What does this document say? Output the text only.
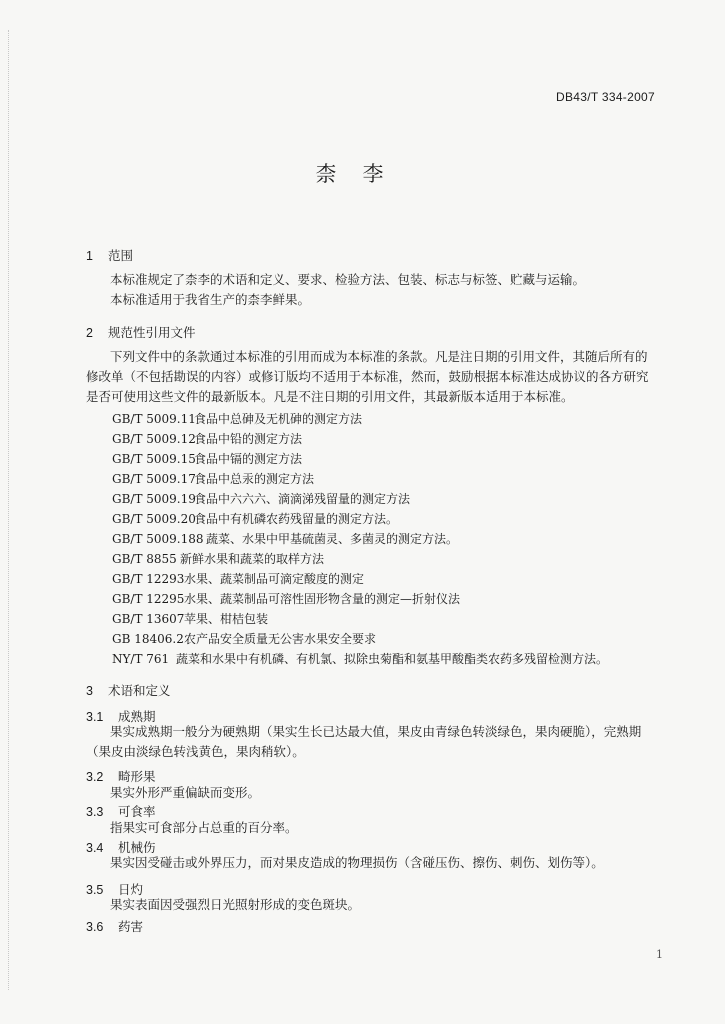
DB43/T 334-2007
柰李
1 范围
本标准规定了柰李的术语和定义、要求、检验方法、包装、标志与标签、贮藏与运输。
本标准适用于我省生产的柰李鲜果。
2 规范性引用文件
下列文件中的条款通过本标准的引用而成为本标准的条款。凡是注日期的引用文件，其随后所有的
修改单（不包括勘误的内容）或修订版均不适用于本标准，然而，鼓励根据本标准达成协议的各方研究
是否可使用这些文件的最新版本。凡是不注日期的引用文件，其最新版本适用于本标准。
GB/T 5009.11食品中总砷及无机砷的测定方法
GB/T 5009.12食品中铅的测定方法
GB/T 5009.15食品中镉的测定方法
GB/T 5009.17食品中总汞的测定方法
GB/T 5009.19食品中六六六、滴滴涕残留量的测定方法
GB/T 5009.20食品中有机磷农药残留量的测定方法。
GB/T 5009.188 蔬菜、水果中甲基硫菌灵、多菌灵的测定方法。
GB/T 8855 新鲜水果和蔬菜的取样方法
GB/T 12293水果、蔬菜制品可滴定酸度的测定
GB/T 12295水果、蔬菜制品可溶性固形物含量的测定—折射仪法
GB/T 13607苹果、柑桔包装
GB 18406.2农产品安全质量无公害水果安全要求
NY/T 761 蔬菜和水果中有机磷、有机氯、拟除虫菊酯和氨基甲酸酯类农药多残留检测方法。
3 术语和定义
3.1 成熟期
果实成熟期一般分为硬熟期（果实生长已达最大值，果皮由青绿色转淡绿色，果肉硬脆），完熟期
（果皮由淡绿色转浅黄色，果肉稍软）。
3.2 畸形果
果实外形严重偏缺而变形。
3.3 可食率
指果实可食部分占总重的百分率。
3.4 机械伤
果实因受碰击或外界压力，而对果皮造成的物理损伤（含碰压伤、擦伤、刺伤、划伤等）。
3.5 日灼
果实表面因受强烈日光照射形成的变色斑块。
3.6 药害
1
